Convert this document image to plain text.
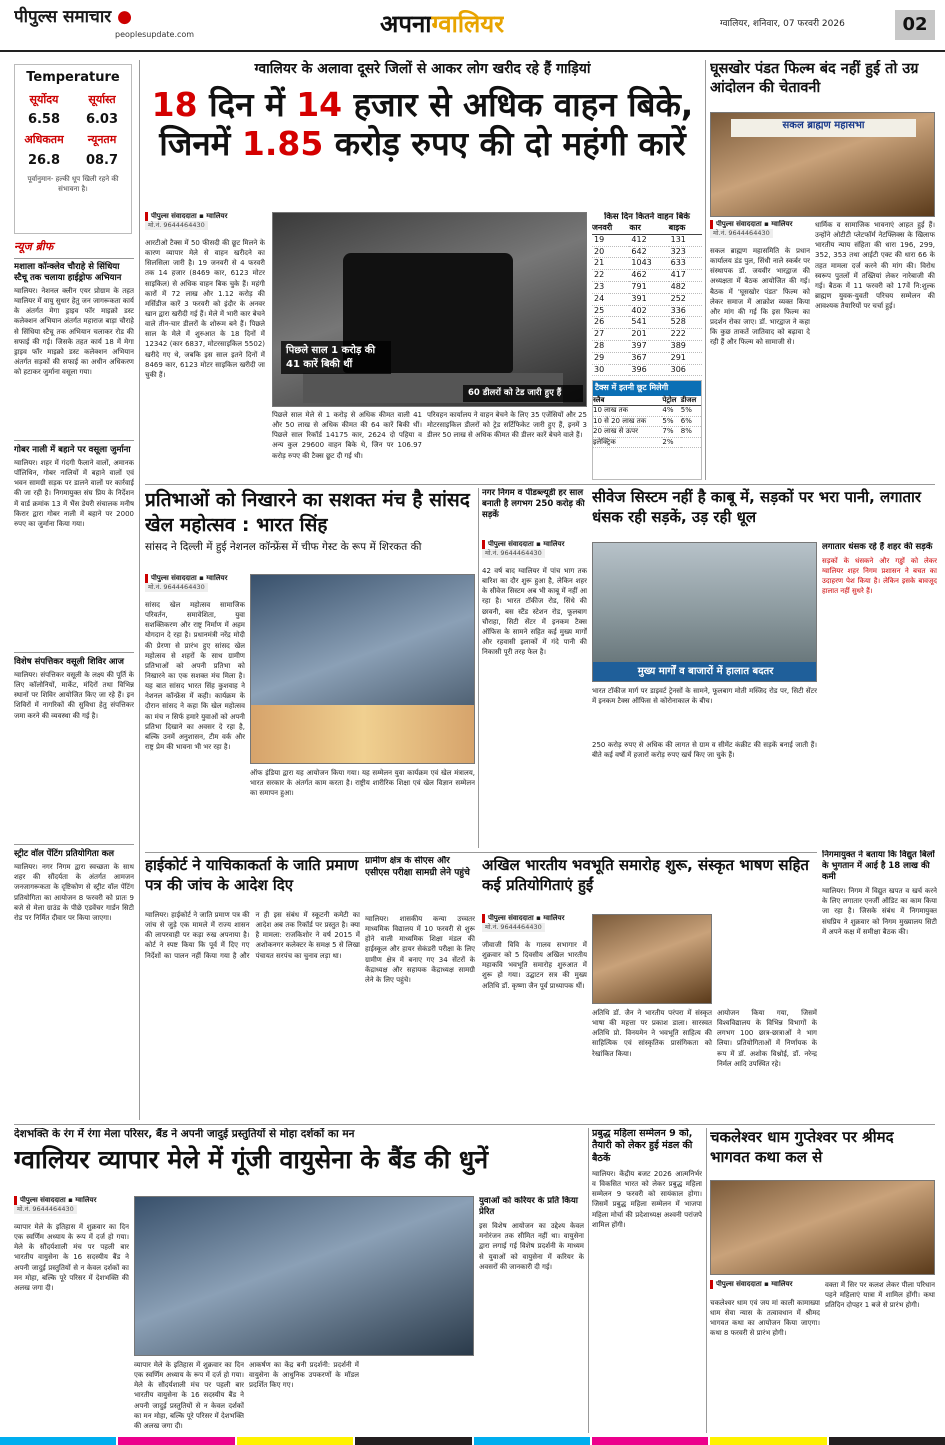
पीपुल्स समाचार ●
peoplesupdate.com	अपनाग्वालियर	ग्वालियर, शनिवार, 07 फरवरी 2026	02
Temperature
सूर्योदय	सूर्यास्त
6.58	6.03
अधिकतम	न्यूनतम
26.8	08.7
पूर्वानुमान- हल्की धूप खिली रहने की संभावना है।
न्यूज ब्रीफ
मशाला कॉन्क्लेव चौराहे से सिंधिया स्टैचू तक चलाया हाईड्रोफ अभियान
ग्वालियर। नेशनल क्लीन एयर प्रोग्राम के तहत ग्वालियर में वायु सुधार हेतु जन जागरूकता कार्य के अंतर्गत मेगा ड्राइव फॉर माइक्रो डस्ट कलेक्शन अभियान अंतर्गत महाराज बाड़ा चौराहे से सिंधिया स्टैचू तक अभियान चलाकर रोड की सफाई की गई। जिसके तहत कार्य 18 में मेगा ड्राइव फॉर माइक्रो डस्ट कलेक्शन अभियान अंतर्गत सड़कों की सफाई का अधीन अधिकरण को हटाकर जुर्माना वसूला गया।
गोबर नाली में बहाने पर वसूला जुर्माना
ग्वालियर। शहर में गंदगी फैलाने वालों, अमानक पॉलिथिन, गोबर नालियों में बहाने वालों एवं भवन सामग्री सड़क पर डालने वालों पर कार्रवाई की जा रही है। निगमायुक्त संघ प्रिय के निर्देशन में वार्ड क्रमांक 13 में भैंस डेयरी संचालक मनीष किरार द्वारा गोबर नाली में बहाने पर 2000 रुपए का जुर्माना किया गया।
विशेष संपत्तिकर वसूली शिविर आज
ग्वालियर। संपत्तिकर वसूली के लक्ष्य की पूर्ति के लिए कॉलोनियों, मार्केट, मंदिरों तथा विभिन्न स्थानों पर शिविर आयोजित किए जा रहे हैं। इन शिविरों में नागरिकों की सुविधा हेतु संपत्तिकर जमा करने की व्यवस्था की गई है।
स्ट्रीट वॉल पेंटिंग प्रतियोगिता कल
ग्वालियर। नगर निगम द्वारा स्वच्छता के साथ शहर की सौंदर्यता के अंतर्गत आमजन जनजागरूकता के दृष्टिकोण से स्ट्रीट वॉल पेंटिंग प्रतियोगिता का आयोजन 8 फरवरी को प्रातः 9 बजे से मेला ग्राउंड के पीछे एडवेंचर गार्डन सिटी रोड पर निर्मित दीवार पर किया जाएगा।
ग्वालियर के अलावा दूसरे जिलों से आकर लोग खरीद रहे हैं गाड़ियां
18 दिन में 14 हजार से अधिक वाहन बिके,
जिनमें 1.85 करोड़ रुपए की दो महंगी कारें
पीपुल्स संवाददाता ▪ ग्वालियर
मो.नं. 9644464430
आरटीओ टैक्स में 50 फीसदी की छूट मिलने के कारण व्यापार मेले से वाहन खरीदने का सिलसिला जारी है। 19 जनवरी से 4 फरवरी तक 14 हजार (8469 कार, 6123 मोटर साइकिल) से अधिक वाहन बिक चुके हैं। महंगी कारों में 72 लाख और 1.12 करोड़ की मर्सिडीज कारें 3 फरवरी को इंदौर के अनवर खान द्वारा खरीदी गई हैं। मेले में भारी कार बेचने वाले तीन-चार डीलरों के शोरूम बने हैं। पिछले साल के मेले में शुरुआत के 18 दिनों में 12342 (कार 6837, मोटरसाइकिल 5502) खरीदे गए थे, जबकि इस साल इतने दिनों में 8469 कार, 6123 मोटर साइकिल खरीदी जा चुकी हैं।
पिछले साल 1 करोड़ की 41 कारें बिकी थीं
60 डीलरों को टेड जारी हुए हैं
पिछले साल मेले से 1 करोड़ से अधिक कीमत वाली 41 और 50 लाख से अधिक कीमत की 64 कारें बिकी थीं। पिछले साल रिकॉर्ड 14175 कार, 2624 दो पहिया व अन्य कुल 29600 वाहन बिके थे, जिन पर 106.97 करोड़ रुपए की टैक्स छूट दी गई थी।
परिवहन कार्यालय ने वाहन बेचने के लिए 35 एजेंसियों और 25 मोटरसाइकिल डीलरों को ट्रेड सर्टिफिकेट जारी हुए हैं, इनमें 3 डीलर 50 लाख से अधिक कीमत की डीलर कारें बेचने वाले हैं।
टैक्स में इतनी छूट मिलेगी
स्लैब	पेट्रोल	डीजल
10 लाख तक	4%	5%
10 से 20 लाख तक	5%	6%
20 लाख से ऊपर	7%	8%
इलेक्ट्रिक	2%	
किस दिन कितने वाहन बिके
जनवरी	कार	बाइक
19	412	131
20	642	323
21	1043	633
22	462	417
23	791	482
24	391	252
25	402	336
26	541	528
27	201	222
28	397	389
29	367	291
30	396	306

घूसखोर पंडत फिल्म बंद नहीं हुई तो उग्र आंदोलन की चेतावनी
सकल ब्राह्मण महासभा
पीपुल्स संवाददाता ▪ ग्वालियर
मो.नं. 9644464430
सकल ब्राह्मण महासमिति के प्रधान कार्यालय डंड पुल, सिंधी नाले स्कर्बर पर संस्थापक डॉ. जयवीर भारद्वाज की अध्यक्षता में बैठक आयोजित की गई। बैठक में 'घूसखोर पंडत' फिल्म को लेकर समाज में आक्रोश व्यक्त किया और मांग की गई कि इस फिल्म का प्रदर्शन रोका जाए। डॉ. भारद्वाज ने कहा कि कुछ ताकतें जातिवाद को बढ़ावा दे रही हैं और फिल्म को सामाजी से।
धार्मिक व सामाजिक भावनाएं आहत हुई हैं। उन्होंने ओटीटी प्लेटफॉर्म नेटफ्लिक्स के खिलाफ भारतीय न्याय संहिता की धारा 196, 299, 352, 353 तथा आईटी एक्ट की धारा 66 के तहत मामला दर्ज करने की मांग की। विरोध स्वरूप पुतलों में तख्तियां लेकर नारेबाजी की गई। बैठक में 11 फरवरी को 17वें नि:शुल्क ब्राह्मण युवक-युवती परिचय सम्मेलन की आवश्यक तैयारियों पर चर्चा हुई।
प्रतिभाओं को निखारने का सशक्त मंच है सांसद खेल महोत्सव : भारत सिंह
सांसद ने दिल्ली में हुई नेशनल कॉन्फ्रेंस में चीफ गेस्ट के रूप में शिरकत की
पीपुल्स संवाददाता ▪ ग्वालियर
मो.नं. 9644464430
सांसद खेल महोत्सव सामाजिक परिवर्तन, समावेशिता, युवा सशक्तिकरण और राष्ट्र निर्माण में अहम योगदान दे रहा है। प्रधानमंत्री नरेंद्र मोदी की प्रेरणा से प्रारंभ हुए सांसद खेल महोत्सव से शहरों के साथ ग्रामीण प्रतिभाओं को अपनी प्रतिभा को निखारने का एक सशक्त मंच मिला है। यह बात सांसद भारत सिंह कुशवाह ने नेशनल कॉन्फ्रेंस में कही। कार्यक्रम के दौरान सांसद ने कहा कि खेल महोत्सव का मंच न सिर्फ हमारे युवाओं को अपनी प्रतिभा दिखाने का अवसर दे रहा है, बल्कि उनमें अनुशासन, टीम वर्क और राष्ट्र प्रेम की भावना भी भर रहा है।
ऑफ इंडिया द्वारा यह आयोजन किया गया। यह सम्मेलन युवा कार्यक्रम एवं खेल मंत्रालय, भारत सरकार के अंतर्गत काम करता है। राष्ट्रीय शारीरिक शिक्षा एवं खेल विज्ञान सम्मेलन का समापन हुआ।
नगर निगम व पीडब्ल्यूडी हर साल बनाती है लगभग 250 करोड़ की सड़कें
पीपुल्स संवाददाता ▪ ग्वालियर
मो.नं. 9644464430
42 वर्ष बाद ग्वालियर में पांच भाग तक बारिश का दौर शुरू हुआ है, लेकिन शहर के सीवेज सिस्टम अब भी काबू में नहीं आ रहा है। भारत टॉकीज रोड, सिंधे की छावनी, बस स्टैंड स्टेशन रोड, फूलबाग चौराहा, सिटी सेंटर में इनकम टैक्स ऑफिस के सामने सहित कई मुख्य मार्गों और रहवासी इलाकों में गंदे पानी की निकासी पूरी तरह फेल है।
सीवेज सिस्टम नहीं है काबू में, सड़कों पर भरा पानी, लगातार धंसक रही सड़कें, उड़ रही धूल
मुख्य मार्गों व बाजारों में हालात बदतर
लगातार धंसक रहे हैं शहर की सड़कें
सड़कों के धंसकने और गड्ढों को लेकर ग्वालियर शहर निगम प्रशासन ने बचत का उदाहरण पेश किया है। लेकिन इसके बावजूद हालात नहीं सुधरे हैं।
भारत टॉकीज मार्ग पर डाइवर्ट ट्रेनसों के सामने, फूलबाग मोती मस्जिद रोड पर, सिटी सेंटर में इनकम टैक्स ऑफिस से कोरोनाकाल के बीच।
250 करोड़ रुपए से अधिक की लागत से ग्राम व सीमेंट कंक्रीट की सड़कें बनाई जाती हैं। बीते कई वर्षों में हजारों करोड़ रुपए खर्च किए जा चुके हैं।
निगमायुक्त ने बताया कि विद्युत बिलों के भुगतान में आई है 18 लाख की कमी
ग्वालियर। निगम में विद्युत खपत व खर्च करने के लिए लगातार एनर्जी ऑडिट का काम किया जा रहा है। जिसके संबंध में निगमायुक्त संघप्रिय ने शुक्रवार को निगम मुख्यालय सिटी में अपने कक्ष में समीक्षा बैठक की।
हाईकोर्ट ने याचिकाकर्ता के जाति प्रमाण पत्र की जांच के आदेश दिए
ग्वालियर। हाईकोर्ट ने जाति प्रमाण पत्र की जांच से जुड़े एक मामले में राज्य शासन की लापरवाही पर कड़ा रुख अपनाया है। कोर्ट ने स्पष्ट किया कि पूर्व में दिए गए निर्देशों का पालन नहीं किया गया है और न ही इस संबंध में स्कूटनी कमेटी का आदेश अब तक रिकॉर्ड पर प्रस्तुत है। क्या है मामला: राजकिशोर ने वर्ष 2015 में अशोकनगर कलेक्टर के समक्ष 5 से लिखा पंचायत सरपंच का चुनाव लड़ा था।
ग्रामीण क्षेत्र के सीएस और एसीएस परीक्षा सामग्री लेने पहुंचे
ग्वालियर। शासकीय कन्या उच्चतर माध्यमिक विद्यालय में 10 फरवरी से शुरू होने वाली माध्यमिक शिक्षा मंडल की हाईस्कूल और हायर सेकंडरी परीक्षा के लिए ग्रामीण क्षेत्र में बनाए गए 34 सेंटरों के केंद्राध्यक्ष और सहायक केंद्राध्यक्ष सामग्री लेने के लिए पहुंचे।
अखिल भारतीय भवभूति समारोह शुरू, संस्कृत भाषण सहित कई प्रतियोगिताएं हुईं
पीपुल्स संवाददाता ▪ ग्वालियर
मो.नं. 9644464430
जीवाजी विवि के गालव सभागार में शुक्रवार को 5 दिवसीय अखिल भारतीय महाकवि भवभूति समारोह शुरुआत में शुरू हो गया। उद्घाटन सत्र की मुख्य अतिथि डॉ. कृष्णा जैन पूर्व प्राध्यापक थीं।
अतिथि डॉ. जैन ने भारतीय परंपरा में संस्कृत भाषा की महत्ता पर प्रकाश डाला। सारस्वत अतिथि प्रो. विनयमेन ने भवभूति साहित्य की साहित्यिक एवं सांस्कृतिक प्रासंगिकता को रेखांकित किया।
आयोजन किया गया, जिसमें विश्वविद्यालय के विभिन्न विभागों के लगभग 100 छात्र-छात्राओं ने भाग लिया। प्रतियोगिताओं में निर्णायक के रूप में डॉ. अशोक विश्नोई, डॉ. नरेन्द्र निर्मल आदि उपस्थित रहे।
देशभक्ति के रंग में रंगा मेला परिसर, बैंड ने अपनी जादुई प्रस्तुतियों से मोहा दर्शकों का मन
ग्वालियर व्यापार मेले में गूंजी वायुसेना के बैंड की धुनें
पीपुल्स संवाददाता ▪ ग्वालियर
मो.नं. 9644464430
व्यापार मेले के इतिहास में शुक्रवार का दिन एक स्वर्णिम अध्याय के रूप में दर्ज हो गया। मेले के सौंदर्यशाली मंच पर पहली बार भारतीय वायुसेना के 16 सदस्यीय बैंड ने अपनी जादुई प्रस्तुतियों से न केवल दर्शकों का मन मोहा, बल्कि पूरे परिसर में देशभक्ति की अलख जगा दी।
व्यापार मेले के इतिहास में शुक्रवार का दिन एक स्वर्णिम अध्याय के रूप में दर्ज हो गया। मेले के सौंदर्यशाली मंच पर पहली बार भारतीय वायुसेना के 16 सदस्यीय बैंड ने अपनी जादुई प्रस्तुतियों से न केवल दर्शकों का मन मोहा, बल्कि पूरे परिसर में देशभक्ति की अलख जगा दी।
आकर्षण का केंद्र बनी प्रदर्शनी: प्रदर्शनी में वायुसेना के आधुनिक उपकरणों के मॉडल प्रदर्शित किए गए।
युवाओं को करियर के प्रति किया प्रेरित
इस विशेष आयोजन का उद्देश्य केवल मनोरंजन तक सीमित नहीं था। वायुसेना द्वारा लगाई गई विशेष प्रदर्शनी के माध्यम से युवाओं को वायुसेना में करियर के अवसरों की जानकारी दी गई।
प्रबुद्ध महिला सम्मेलन 9 को, तैयारी को लेकर हुई मंडल की बैठकें
ग्वालियर। केंद्रीय बजट 2026 आत्मनिर्भर व विकसित भारत को लेकर प्रबुद्ध महिला सम्मेलन 9 फरवरी को सायंकाल होगा। जिसमें प्रबुद्ध महिला सम्मेलन में भाजपा महिला मोर्चा की प्रदेशाध्यक्ष अश्वनी परांजपे शामिल होंगी।
चकलेश्वर धाम गुप्तेश्वर पर श्रीमद भागवत कथा कल से
पीपुल्स संवाददाता ▪ ग्वालियर
चकलेश्वर धाम एवं जय मां काली कामाख्या धाम सेवा न्यास के तत्वावधान में श्रीमद भागवत कथा का आयोजन किया जाएगा। कथा 8 फरवरी से प्रारंभ होगी।
वक्ता में सिर पर कलश लेकर पीला परिधान पहने महिलाएं यात्रा में शामिल होंगी। कथा प्रतिदिन दोपहर 1 बजे से प्रारंभ होगी।
